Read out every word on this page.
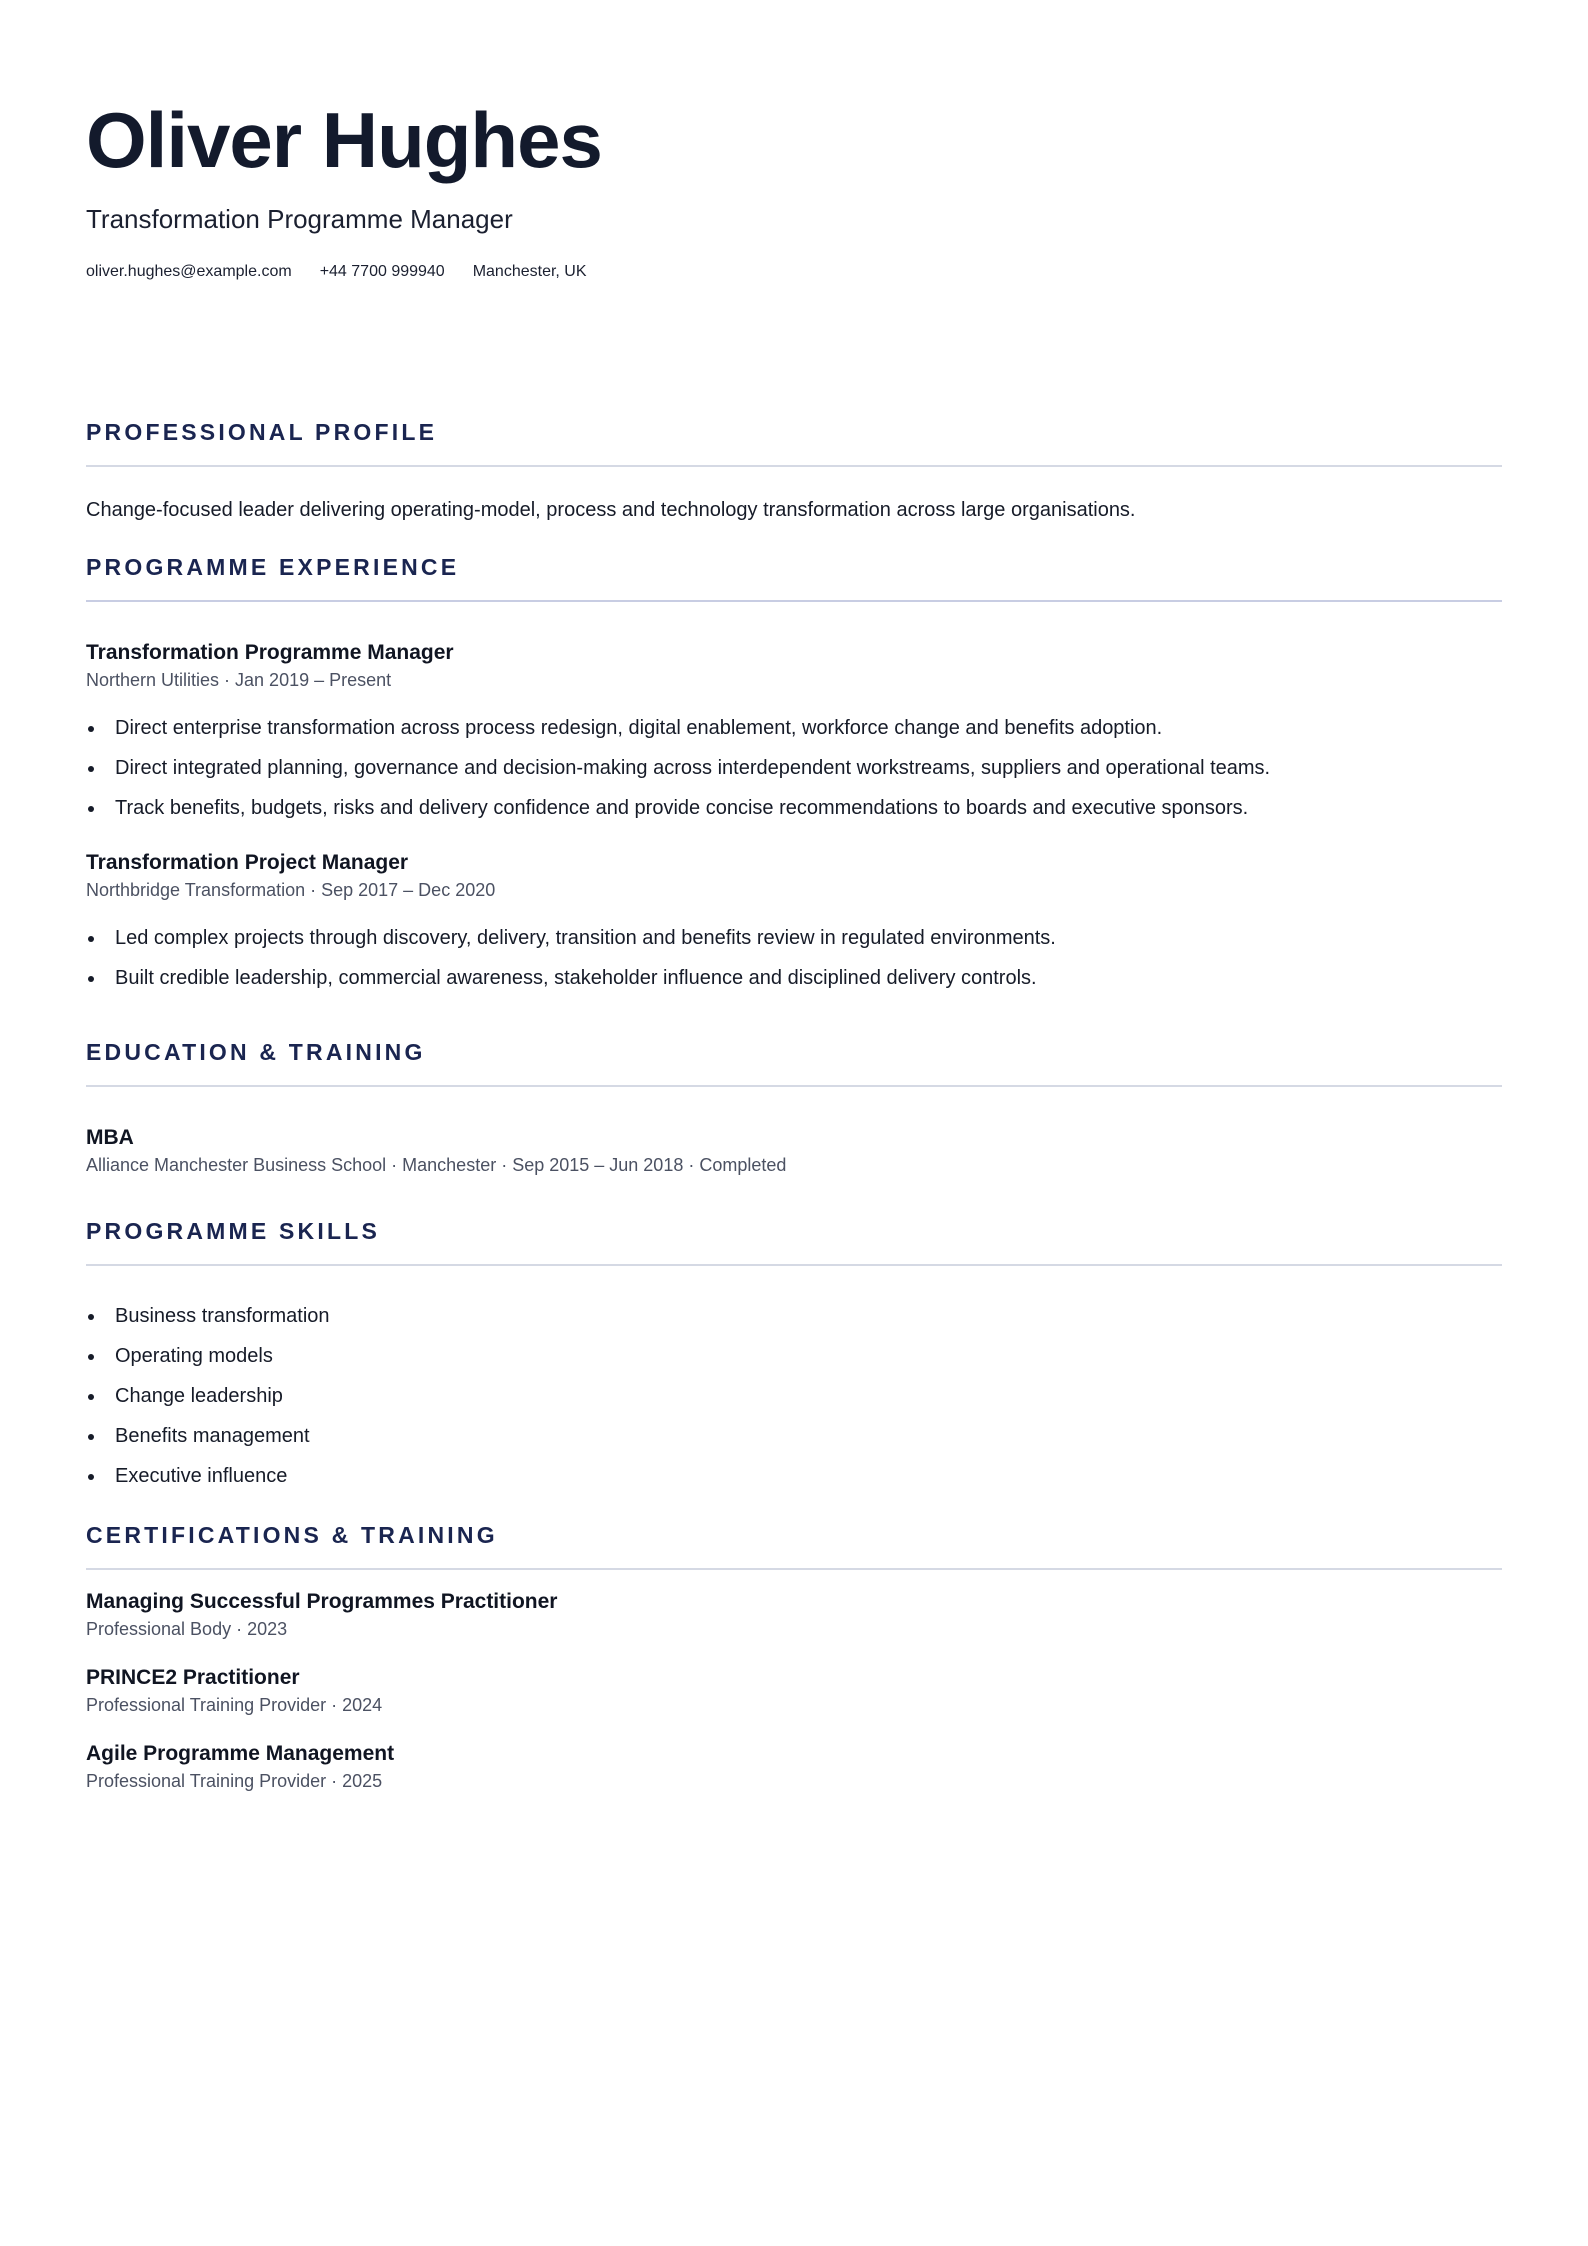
Oliver Hughes

Transformation Programme Manager

oliver.hughes@example.com +44 7700 999940 Manchester, UK
PROFESSIONAL PROFILE

Change-focused leader delivering operating-model, process and technology transformation across large organisations.

PROGRAMME EXPERIENCE
Transformation Programme Manager

Northern Utilities · Jan 2019 – Present

Direct enterprise transformation across process redesign, digital enablement, workforce change and benefits adoption.
Direct integrated planning, governance and decision-making across interdependent workstreams, suppliers and operational teams.
Track benefits, budgets, risks and delivery confidence and provide concise recommendations to boards and executive sponsors.
Transformation Project Manager

Northbridge Transformation · Sep 2017 – Dec 2020

Led complex projects through discovery, delivery, transition and benefits review in regulated environments.
Built credible leadership, commercial awareness, stakeholder influence and disciplined delivery controls.
EDUCATION & TRAINING
MBA

Alliance Manchester Business School · Manchester · Sep 2015 – Jun 2018 · Completed

PROGRAMME SKILLS
Business transformation
Operating models
Change leadership
Benefits management
Executive influence
CERTIFICATIONS & TRAINING
Managing Successful Programmes Practitioner

Professional Body · 2023

PRINCE2 Practitioner

Professional Training Provider · 2024

Agile Programme Management

Professional Training Provider · 2025
